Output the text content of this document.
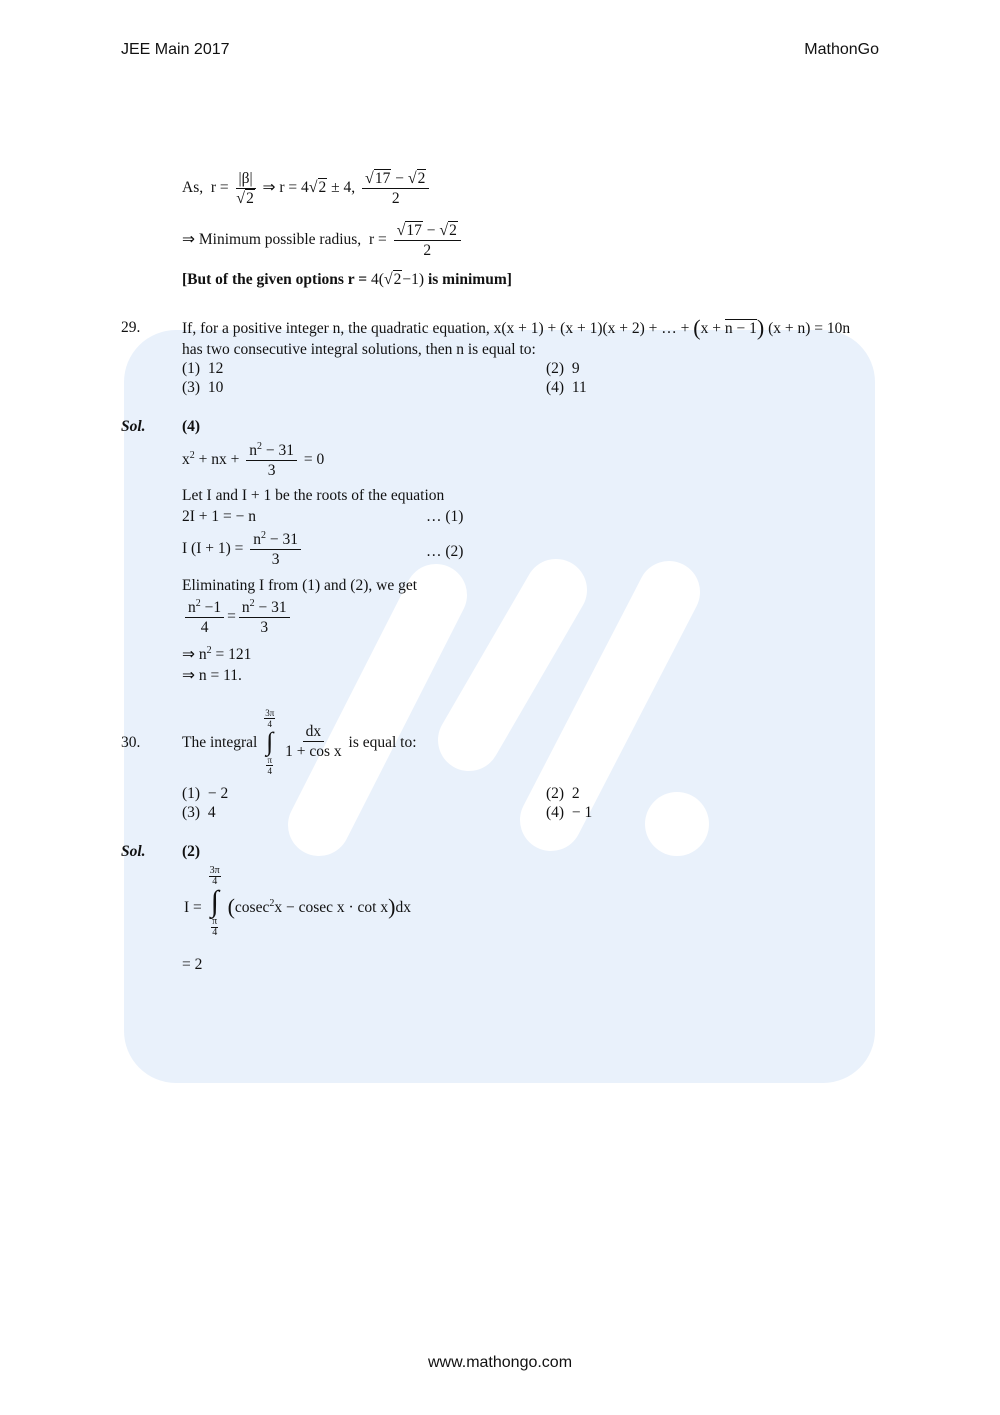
JEE Main 2017	MathonGo
As, $r = \frac{|\beta|}{√2}$ ⇒ r = 4√2 ± 4, $\frac{√17 - √2}{2}$
⇒ Minimum possible radius, $r = \frac{√17 - √2}{2}$
[But of the given options r = 4(√2−1) is minimum]
29.	If, for a positive integer n, the quadratic equation, x(x + 1) + (x + 1)(x + 2) + … + (x + n − 1) (x + n) = 10n
has two consecutive integral solutions, then n is equal to:
(1) 12	(2) 9
(3) 10	(4) 11
Sol. (4)
$x^2$ + nx + $\frac{n^2 - 31}{3} = 0$
Let I and I + 1 be the roots of the equation
2I + 1 = − n	… (1)
I $(I + 1) = \frac{n^2 - 31}{3}$	… (2)
Eliminating I from (1) and (2), we get
$\frac{n^2 -1}{4} = \frac{n^2 - 31}{3}$
⇒ $n^2 = 121$
⇒ n = 11.
30.	The integral
$\frac{3\pi}{4}$
∫
$\frac{\pi}{4}$

$\frac{dx}{\text{1 + cos x}}$ is equal to:
(1) − 2	(2) 2
(3) 4	(4) − 1
Sol. (2)
I =
$\frac{3\pi}{4}$
∫
$\frac{\pi}{4}$
(cosec$^2$x − cosec x · cot x)dx
= 2
www.mathongo.com
